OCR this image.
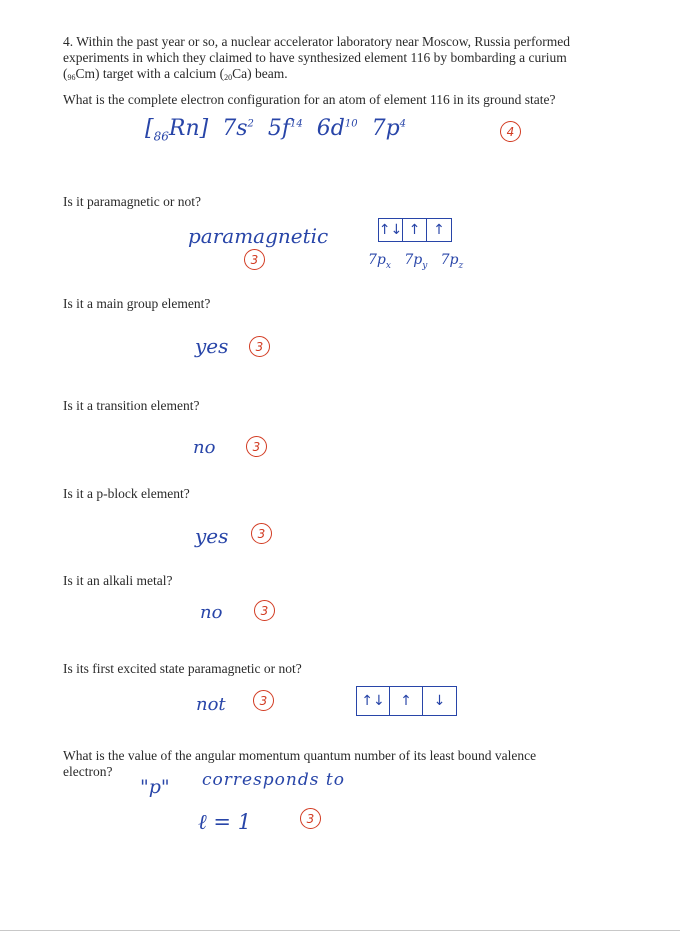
4. Within the past year or so, a nuclear accelerator laboratory near Moscow, Russia performed
experiments in which they claimed to have synthesized element 116 by bombarding a curium
$(_{96}Cm)$ target with a calcium $(_{20}Ca)$ beam.
What is the complete electron configuration for an atom of element 116 in its ground state?
$[_{86}Rn]$ $7s^2$ $5f^{14}$ $6d^{10}$ $7p^4$
4
Is it paramagnetic or not?
paramagnetic
3
↑↓ ↑ ↑
$7p_x$ $7p_y$ $7p_z$
Is it a main group element?
yes	3
Is it a transition element?
no	3
Is it a p-block element?
yes	3
Is it an alkali metal?
no	3
Is its first excited state paramagnetic or not?
not	3	↑↓	↑	↓
What is the value of the angular momentum quantum number of its least bound valence
electron?
"p" corresponds to
ℓ = 1	3
